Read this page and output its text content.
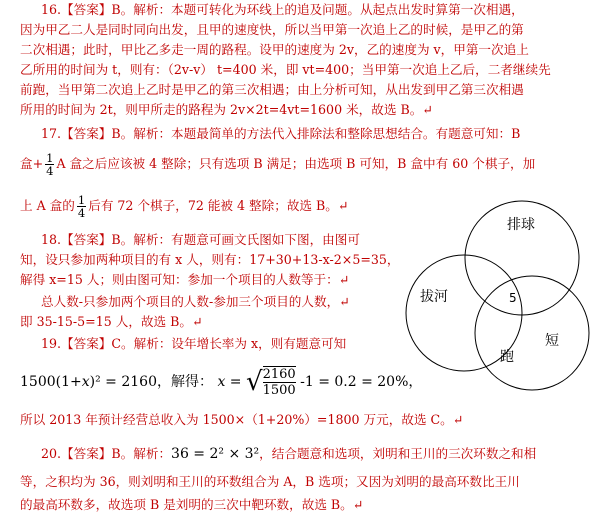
16.【答案】B。解析：本题可转化为环线上的追及问题。从起点出发时算第一次相遇，
因为甲乙二人是同时同向出发，且甲的速度快，所以当甲第一次追上乙的时候，是甲乙的第
二次相遇；此时，甲比乙多走一周的路程。设甲的速度为 2v，乙的速度为 v，甲第一次追上
乙所用的时间为 t，则有：（2v-v） t=400 米，即 vt=400；当甲第一次追上乙后，二者继续先
前跑，当甲第二次追上乙时是甲乙的第三次相遇；由上分析可知，从出发到甲乙第三次相遇
所用的时间为 2t，则甲所走的路程为 2v×2t=4vt=1600 米，故选 B。↵
17.【答案】B。解析：本题最简单的方法代入排除法和整除思想结合。有题意可知：B
盒+ $\frac{1}{4}$ A 盒之后应该被 4 整除；只有选项 B 满足；由选项 B 可知，B 盒中有 60 个棋子，加
上 A 盒的 $\frac{1}{4}$ 后有 72 个棋子，72 能被 4 整除；故选 B。↵
18.【答案】B。解析：有题意可画文氏图如下图，由图可
知，设只参加两种项目的有 x 人，则有：17+30+13-x-2×5=35，
解得 x=15 人；则由图可知：参加一个项目的人数等于：↵
总人数-只参加两个项目的人数-参加三个项目的人数，↵
即 35-15-5=15 人，故选 B。↵
排球
拔河
短
跑
5
19.【答案】C。解析：设年增长率为 x，则有题意可知
1500(1+x)² = 2160，解得： x = √ $\frac{2160}{1500} -1 = 0.2 = 20\%$，
所以 2013 年预计经营总收入为 1500×（1+20%）=1800 万元，故选 C。↵
20.【答案】B。解析：36 = 2² × 3²，结合题意和选项，刘明和王川的三次环数之和相
等，之积均为 36，则刘明和王川的环数组合为 A，B 选项；又因为刘明的最高环数比王川
的最高环数多，故选项 B 是刘明的三次中靶环数，故选 B。↵
